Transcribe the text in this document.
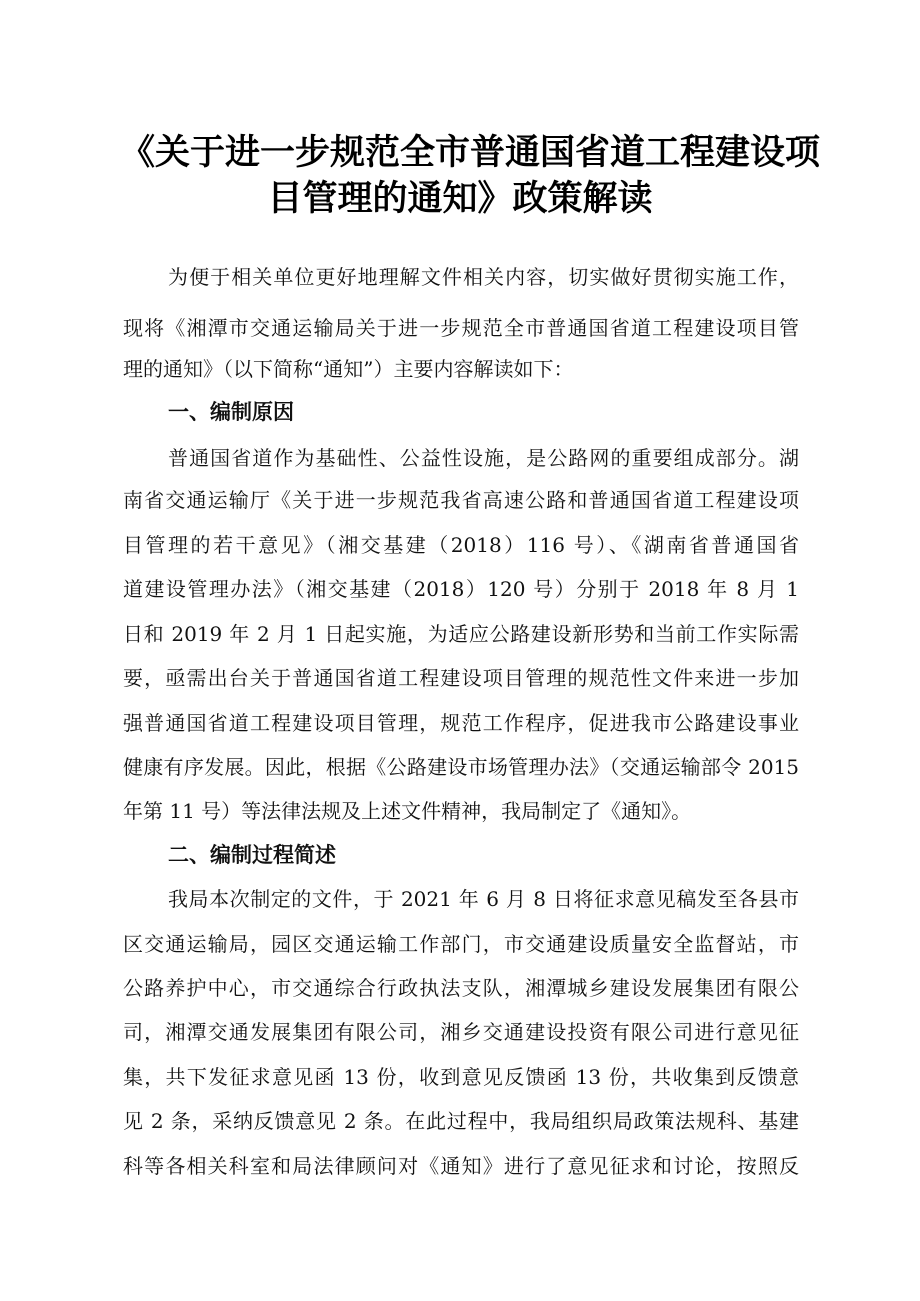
《关于进一步规范全市普通国省道工程建设项
目管理的通知》政策解读

为便于相关单位更好地理解文件相关内容，切实做好贯彻实施工作，

现将《湘潭市交通运输局关于进一步规范全市普通国省道工程建设项目管

理的通知》（以下简称“通知”）主要内容解读如下：

一、编制原因

普通国省道作为基础性、公益性设施，是公路网的重要组成部分。湖

南省交通运输厅《关于进一步规范我省高速公路和普通国省道工程建设项

目管理的若干意见》（湘交基建（2018）116 号）、《湖南省普通国省

道建设管理办法》（湘交基建（2018）120 号）分别于 2018 年 8 月 1

日和 2019 年 2 月 1 日起实施，为适应公路建设新形势和当前工作实际需

要，亟需出台关于普通国省道工程建设项目管理的规范性文件来进一步加

强普通国省道工程建设项目管理，规范工作程序，促进我市公路建设事业

健康有序发展。因此，根据《公路建设市场管理办法》（交通运输部令 2015

年第 11 号）等法律法规及上述文件精神，我局制定了《通知》。

二、编制过程简述

我局本次制定的文件，于 2021 年 6 月 8 日将征求意见稿发至各县市

区交通运输局，园区交通运输工作部门，市交通建设质量安全监督站，市

公路养护中心，市交通综合行政执法支队，湘潭城乡建设发展集团有限公

司，湘潭交通发展集团有限公司，湘乡交通建设投资有限公司进行意见征

集，共下发征求意见函 13 份，收到意见反馈函 13 份，共收集到反馈意

见 2 条，采纳反馈意见 2 条。在此过程中，我局组织局政策法规科、基建

科等各相关科室和局法律顾问对《通知》进行了意见征求和讨论，按照反
